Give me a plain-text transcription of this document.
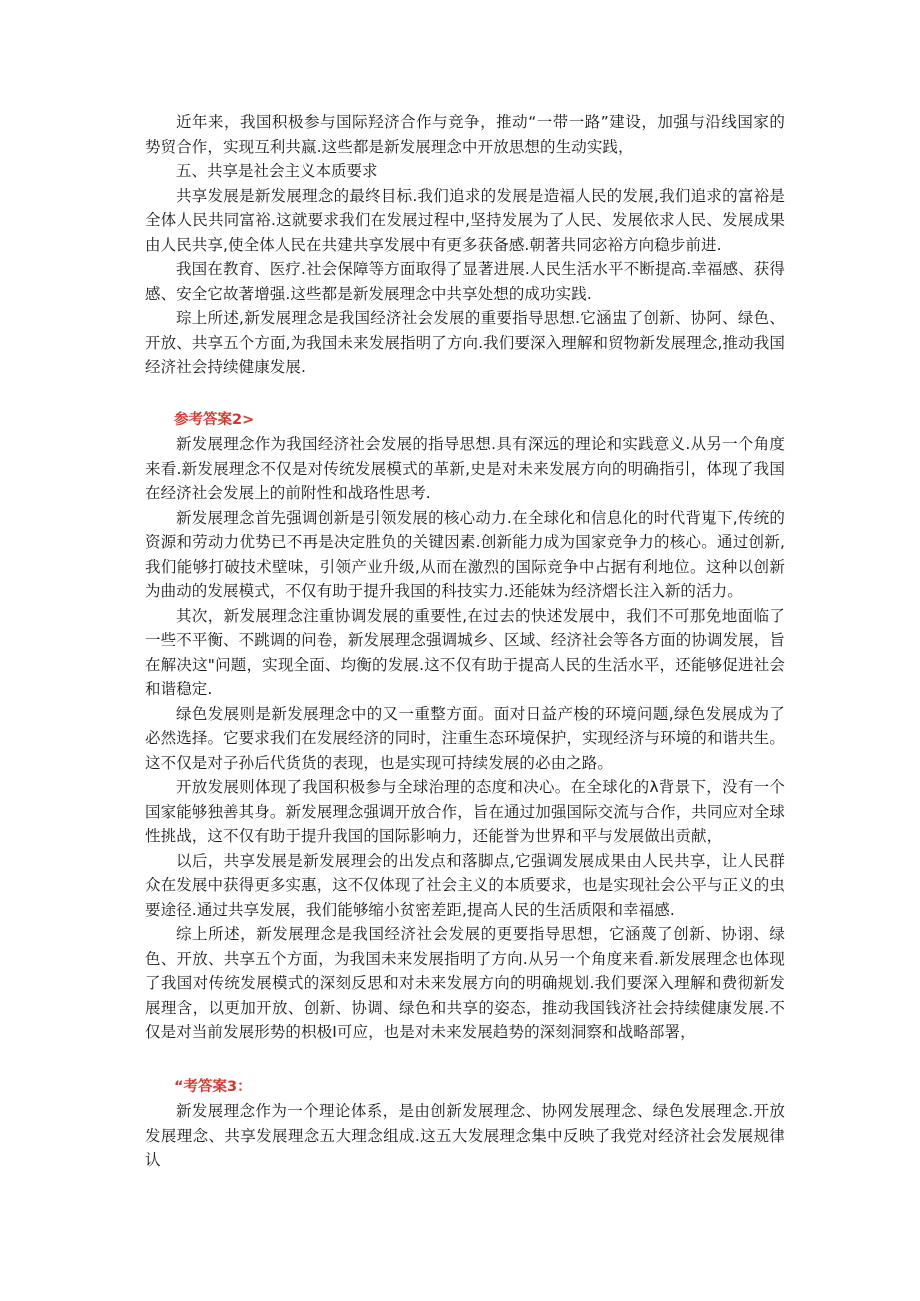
近年来，我国积极参与国际羟济合作与竞争，推动“一带一路”建设，加强与沿线国家的势贸合作，实现互利共嬴.这些都是新发展理念中开放思想的生动实践，

五、共享是社会主义本质要求

共享发展是新发展理念的最终目标.我们追求的发展是造福人民的发展,我们追求的富裕是全体人民共同富裕.这就要求我们在发展过程中,坚持发展为了人民、发展依求人民、发展成果由人民共享,使全体人民在共建共享发展中有更多获备感.朝著共同宓裕方向稳步前进.

我国在教育、医疗.社会保障等方面取得了显著进展.人民生活水平不断提高.幸福感、获得感、安全它故著增强.这些都是新发展理念中共享处想的成功实践.

琮上所述,新发展理念是我国经济社会发展的重要指导思想.它涵盅了创新、协阿、绿色、开放、共享五个方面,为我国未来发展指明了方向.我们要深入理解和贸物新发展理念,推动我国经济社会持续健康发展.

参考答案2>

新发展理念作为我国经济社会发展的指导思想.具有深远的理论和实践意义.从另一个角度来看.新发展理念不仅是对传统发展模式的革新,史是对未来发展方向的明确指引，体现了我国在经济社会发展上的前附性和战珞性思考.

新发展理念首先强调创新是引领发展的核心动力.在全球化和信息化的时代背嵬下,传统的资源和劳动力优势已不再是决定胜负的关键因素.创新能力成为国家竞争力的核心。通过创新,我们能够打破技术壁味，引领产业升级,从而在激烈的国际竞争中占据有利地位。这种以创新为曲动的发展模式，不仅有助于提升我国的科技实力.还能妹为经济熠长注入新的活力。

其次，新发展理念注重协调发展的重要性,在过去的快述发展中，我们不可那免地面临了一些不平衡、不跳调的问卷，新发展理念强调城乡、区域、经济社会等各方面的协调发展，旨在解决这"问题，实现全面、均衡的发展.这不仅有助于提高人民的生活水平，还能够促进社会和谐稳定.

绿色发展则是新发展理念中的又一重整方面。面对日益产梭的环境问题,绿色发展成为了必然选择。它要求我们在发展经济的同时，注重生态环境保护，实现经济与环境的和谐共生。这不仅是对子孙后代货货的表现，也是实现可持续发展的必由之路。

开放发展则体现了我国积极参与全球治理的态度和决心。在全球化的λ背景下，没有一个国家能够独善其身。新发展理念强调开放合作，旨在通过加强国际交流与合作，共同应对全球性挑战，这不仅有助于提升我国的国际影响力，还能誉为世界和平与发展做出贡献，

以后，共享发展是新发展理会的出发点和落脚点,它强调发展成果由人民共享，让人民群众在发展中获得更多实惠，这不仅体现了社会主义的本质要求，也是实现社会公平与正义的虫要途径.通过共享发展，我们能够缩小贫密差距,提高人民的生活质限和幸福感.

综上所述，新发展理念是我国经济社会发展的更要指导思想，它涵蔑了创新、协诩、绿色、开放、共享五个方面，为我国未来发展指明了方向.从另一个角度来看.新发展理念也体现了我国对传统发展模式的深刻反思和对未来发展方向的明确规划.我们要深入理解和费彻新发展理含，以更加开放、创新、协调、绿色和共享的姿态，推动我国钱济社会持续健康发展.不仅是对当前发展形势的枳极I可应，也是对未来发展趋势的深刻洞察和战略部署，

“考答案3：

新发展理念作为一个理论体系，是由创新发展理念、协网发展理念、绿色发展理念.开放发展理念、共享发展理念五大理念组成.这五大发展理念集中反映了我党对经济社会发展规律认
